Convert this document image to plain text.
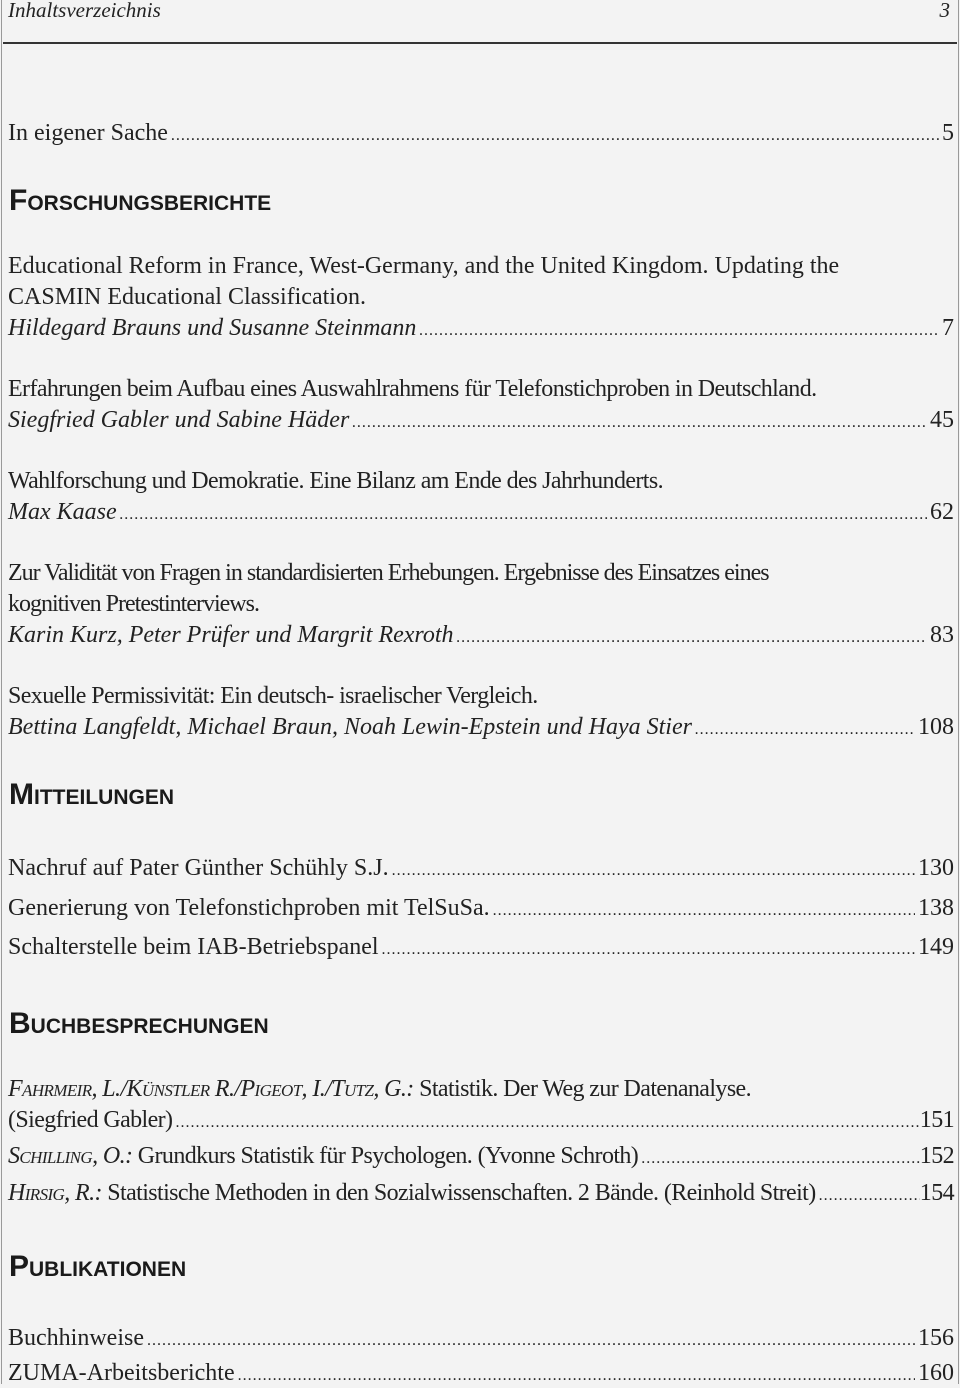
Inhaltsverzeichnis	3
In eigener Sache .....	5
Forschungsberichte
Educational Reform in France, West-Germany, and the United Kingdom. Updating the
CASMIN Educational Classification.
Hildegard Brauns und Susanne Steinmann .....	7
Erfahrungen beim Aufbau eines Auswahlrahmens für Telefonstichproben in Deutschland.
Siegfried Gabler und Sabine Häder .....	45
Wahlforschung und Demokratie. Eine Bilanz am Ende des Jahrhunderts.
Max Kaase .....	62
Zur Validität von Fragen in standardisierten Erhebungen. Ergebnisse des Einsatzes eines
kognitiven Pretestinterviews.
Karin Kurz, Peter Prüfer und Margrit Rexroth .....	83
Sexuelle Permissivität: Ein deutsch- israelischer Vergleich.
Bettina Langfeldt, Michael Braun, Noah Lewin-Epstein und Haya Stier .....	108
Mitteilungen
Nachruf auf Pater Günther Schühly S.J. .....	130
Generierung von Telefonstichproben mit TelSuSa. .....	138
Schalterstelle beim IAB-Betriebspanel .....	149
Buchbesprechungen
Fahrmeir, L./Künstler R./Pigeot, I./Tutz, G.:
Statistik. Der Weg zur Datenanalyse.
(Siegfried Gabler) .....	151
Schilling, O.: Grundkurs Statistik für Psychologen. (Yvonne Schroth) .....	152
Hirsig, R.: Statistische Methoden in den Sozialwissenschaften. 2 Bände. (Reinhold Streit) .....	154
Publikationen
Buchhinweise .....	156
ZUMA-Arbeitsberichte .....	160
